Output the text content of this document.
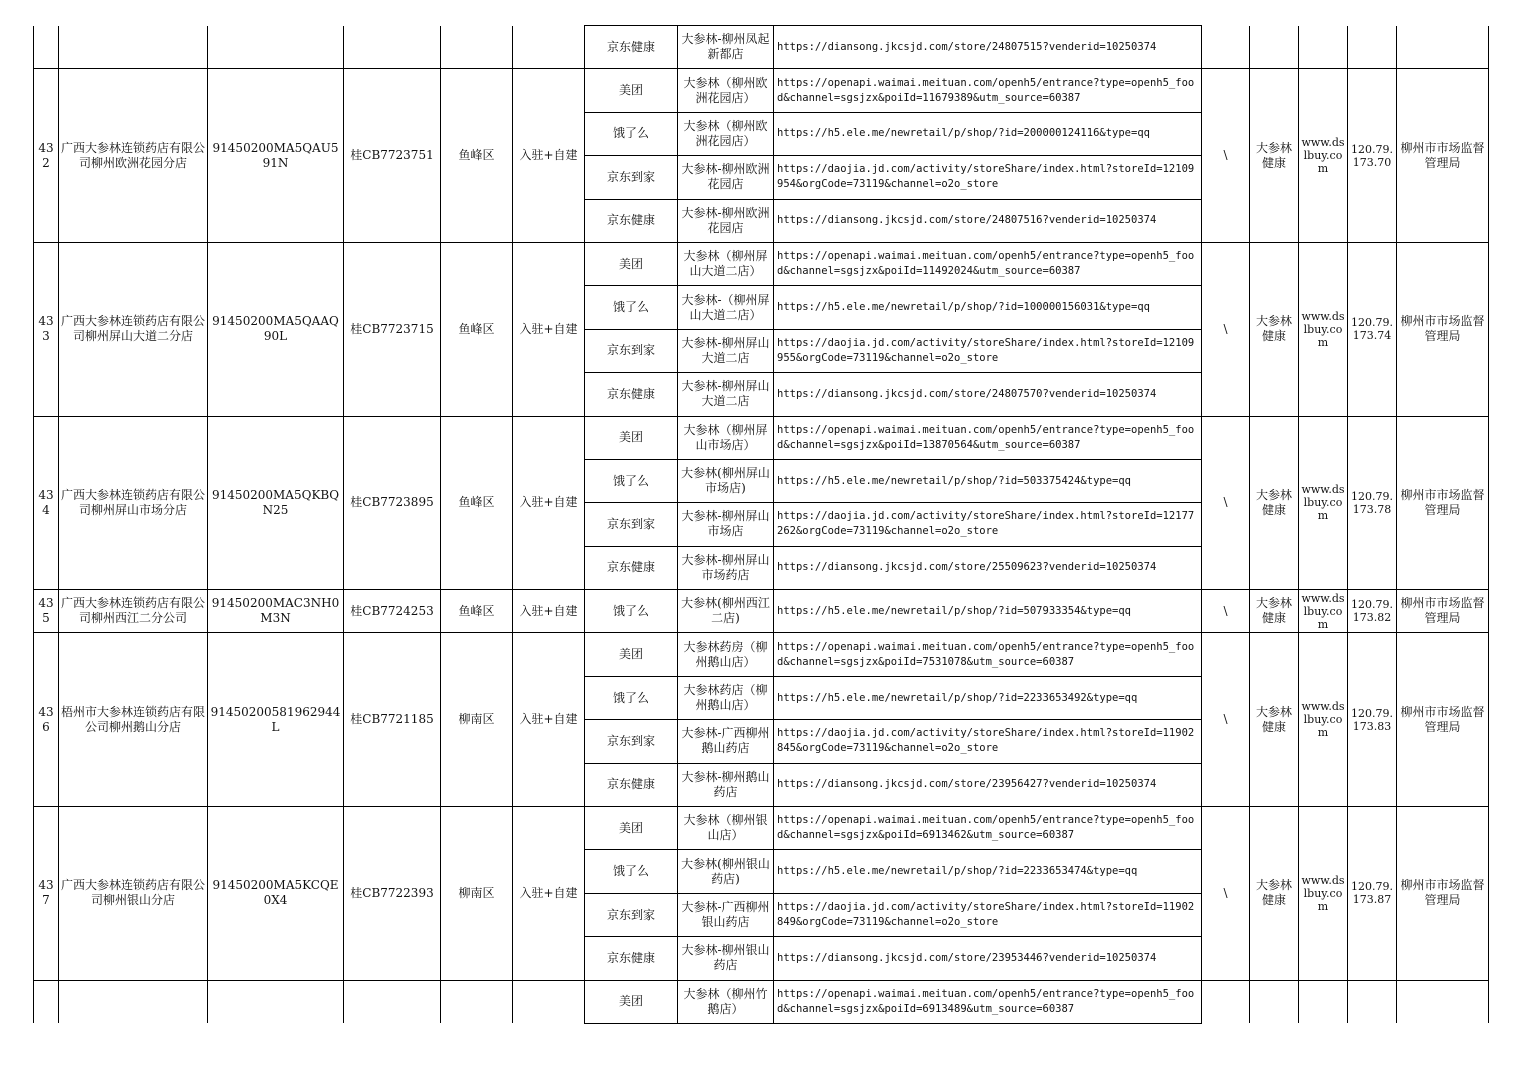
						京东健康	大参林-柳州凤起新都店	https://diansong.jkcsjd.com/store/24807515?venderid=10250374					
432	广西大参林连锁药店有限公司柳州欧洲花园分店	91450200MA5QAU591N	桂CB7723751	鱼峰区	入驻+自建	美团	大参林（柳州欧洲花园店）	https://openapi.waimai.meituan.com/openh5/entrance?type=openh5_food&channel=sgsjzx&poiId=11679389&utm_source=60387	\	大参林健康	www.dslbuy.com	120.79.173.70	柳州市市场监督管理局
						饿了么	大参林（柳州欧洲花园店）	https://h5.ele.me/newretail/p/shop/?id=200000124116&type=qq					
						京东到家	大参林-柳州欧洲花园店	https://daojia.jd.com/activity/storeShare/index.html?storeId=12109954&orgCode=73119&channel=o2o_store					
						京东健康	大参林-柳州欧洲花园店	https://diansong.jkcsjd.com/store/24807516?venderid=10250374					
433	广西大参林连锁药店有限公司柳州屏山大道二分店	91450200MA5QAAQ90L	桂CB7723715	鱼峰区	入驻+自建	美团	大参林（柳州屏山大道二店）	https://openapi.waimai.meituan.com/openh5/entrance?type=openh5_food&channel=sgsjzx&poiId=11492024&utm_source=60387	\	大参林健康	www.dslbuy.com	120.79.173.74	柳州市市场监督管理局
						饿了么	大参林-（柳州屏山大道二店）	https://h5.ele.me/newretail/p/shop/?id=100000156031&type=qq					
						京东到家	大参林-柳州屏山大道二店	https://daojia.jd.com/activity/storeShare/index.html?storeId=12109955&orgCode=73119&channel=o2o_store					
						京东健康	大参林-柳州屏山大道二店	https://diansong.jkcsjd.com/store/24807570?venderid=10250374					
434	广西大参林连锁药店有限公司柳州屏山市场分店	91450200MA5QKBQN25	桂CB7723895	鱼峰区	入驻+自建	美团	大参林（柳州屏山市场店）	https://openapi.waimai.meituan.com/openh5/entrance?type=openh5_food&channel=sgsjzx&poiId=13870564&utm_source=60387	\	大参林健康	www.dslbuy.com	120.79.173.78	柳州市市场监督管理局
						饿了么	大参林(柳州屏山市场店)	https://h5.ele.me/newretail/p/shop/?id=503375424&type=qq					
						京东到家	大参林-柳州屏山市场店	https://daojia.jd.com/activity/storeShare/index.html?storeId=12177262&orgCode=73119&channel=o2o_store					
						京东健康	大参林-柳州屏山市场药店	https://diansong.jkcsjd.com/store/25509623?venderid=10250374					
435	广西大参林连锁药店有限公司柳州西江二分公司	91450200MAC3NH0M3N	桂CB7724253	鱼峰区	入驻+自建	饿了么	大参林(柳州西江二店)	https://h5.ele.me/newretail/p/shop/?id=507933354&type=qq	\	大参林健康	www.dslbuy.com	120.79.173.82	柳州市市场监督管理局
436	梧州市大参林连锁药店有限公司柳州鹅山分店	91450200581962944L	桂CB7721185	柳南区	入驻+自建	美团	大参林药房（柳州鹅山店）	https://openapi.waimai.meituan.com/openh5/entrance?type=openh5_food&channel=sgsjzx&poiId=7531078&utm_source=60387	\	大参林健康	www.dslbuy.com	120.79.173.83	柳州市市场监督管理局
						饿了么	大参林药店（柳州鹅山店）	https://h5.ele.me/newretail/p/shop/?id=2233653492&type=qq					
						京东到家	大参林-广西柳州鹅山药店	https://daojia.jd.com/activity/storeShare/index.html?storeId=11902845&orgCode=73119&channel=o2o_store					
						京东健康	大参林-柳州鹅山药店	https://diansong.jkcsjd.com/store/23956427?venderid=10250374					
437	广西大参林连锁药店有限公司柳州银山分店	91450200MA5KCQE0X4	桂CB7722393	柳南区	入驻+自建	美团	大参林（柳州银山店）	https://openapi.waimai.meituan.com/openh5/entrance?type=openh5_food&channel=sgsjzx&poiId=6913462&utm_source=60387	\	大参林健康	www.dslbuy.com	120.79.173.87	柳州市市场监督管理局
						饿了么	大参林(柳州银山药店)	https://h5.ele.me/newretail/p/shop/?id=2233653474&type=qq					
						京东到家	大参林-广西柳州银山药店	https://daojia.jd.com/activity/storeShare/index.html?storeId=11902849&orgCode=73119&channel=o2o_store					
						京东健康	大参林-柳州银山药店	https://diansong.jkcsjd.com/store/23953446?venderid=10250374					
						美团	大参林（柳州竹鹅店）	https://openapi.waimai.meituan.com/openh5/entrance?type=openh5_food&channel=sgsjzx&poiId=6913489&utm_source=60387					
